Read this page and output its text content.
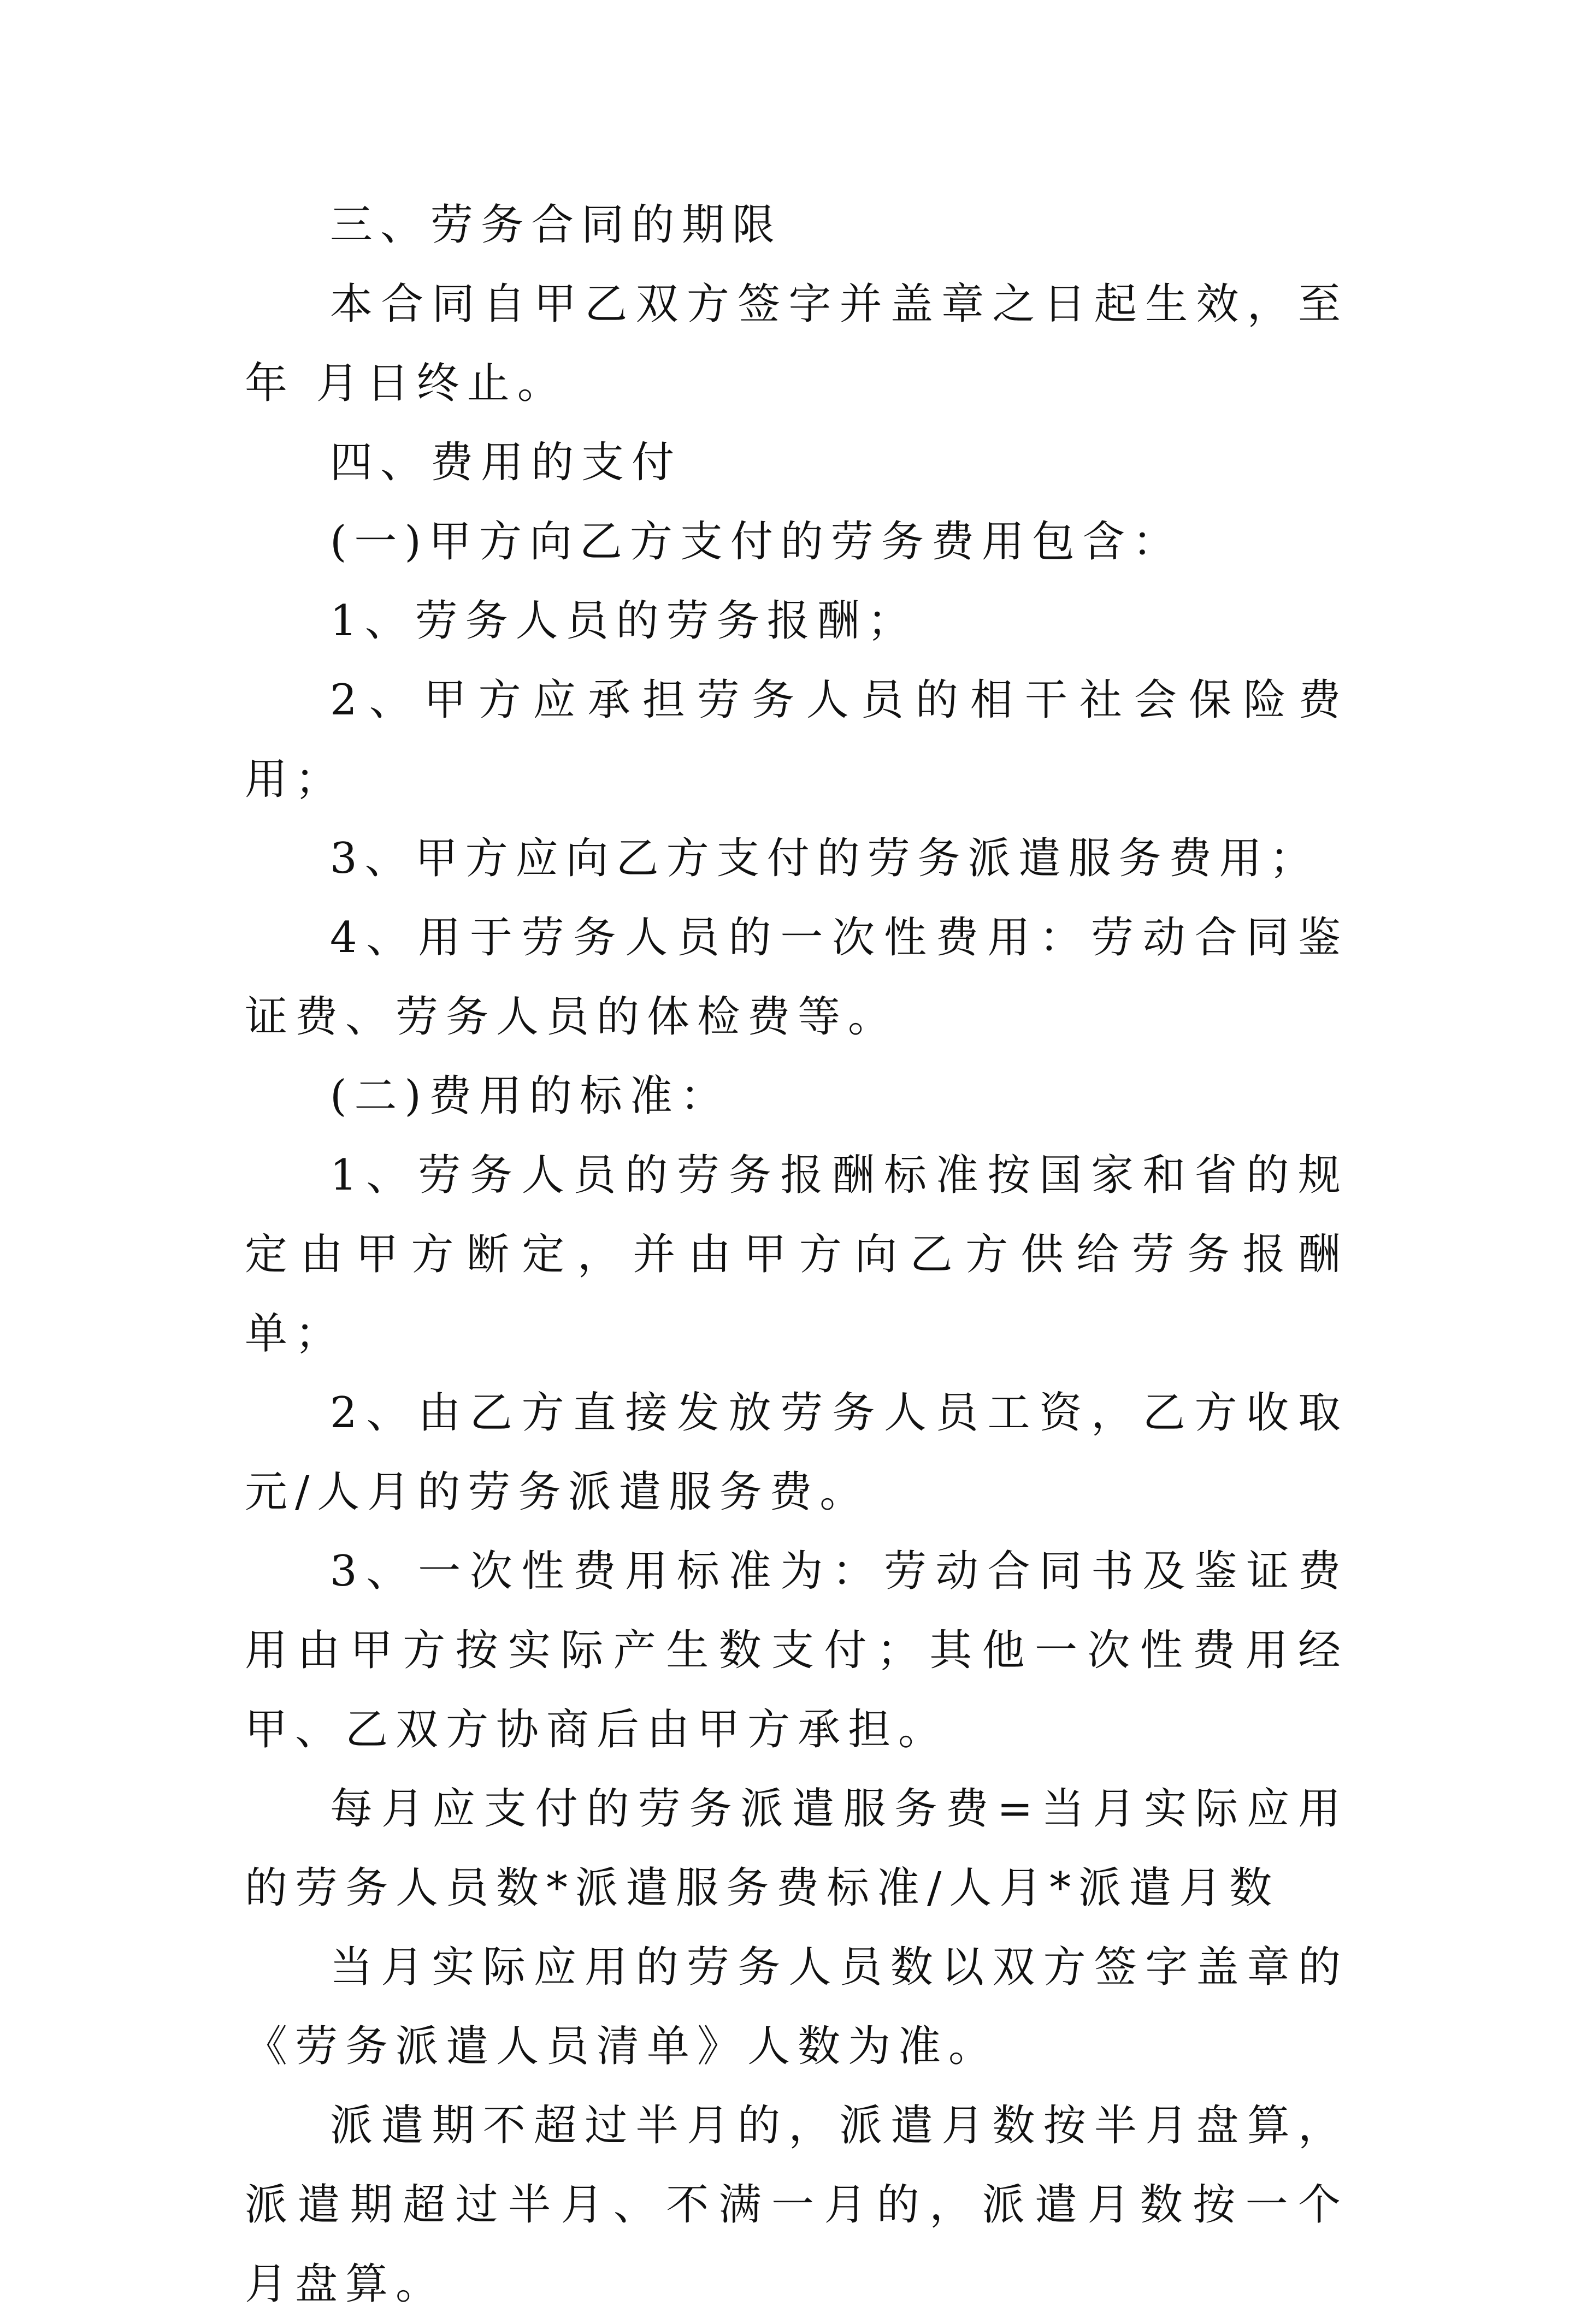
三、劳务合同的期限

本合同自甲乙双方签字并盖章之日起生效，至 年 月日终止。

四、费用的支付

(一)甲方向乙方支付的劳务费用包含：

1、劳务人员的劳务报酬；

2、甲方应承担劳务人员的相干社会保险费用；

3、甲方应向乙方支付的劳务派遣服务费用；

4、用于劳务人员的一次性费用：劳动合同鉴证费、劳务人员的体检费等。

(二)费用的标准：

1、劳务人员的劳务报酬标准按国家和省的规定由甲方断定，并由甲方向乙方供给劳务报酬单；

2、由乙方直接发放劳务人员工资，乙方收取 元/人月的劳务派遣服务费。

3、一次性费用标准为：劳动合同书及鉴证费用由甲方按实际产生数支付；其他一次性费用经甲、乙双方协商后由甲方承担。

每月应支付的劳务派遣服务费=当月实际应用的劳务人员数*派遣服务费标准/人月*派遣月数

当月实际应用的劳务人员数以双方签字盖章的《劳务派遣人员清单》人数为准。

派遣期不超过半月的，派遣月数按半月盘算，派遣期超过半月、不满一月的，派遣月数按一个月盘算。
